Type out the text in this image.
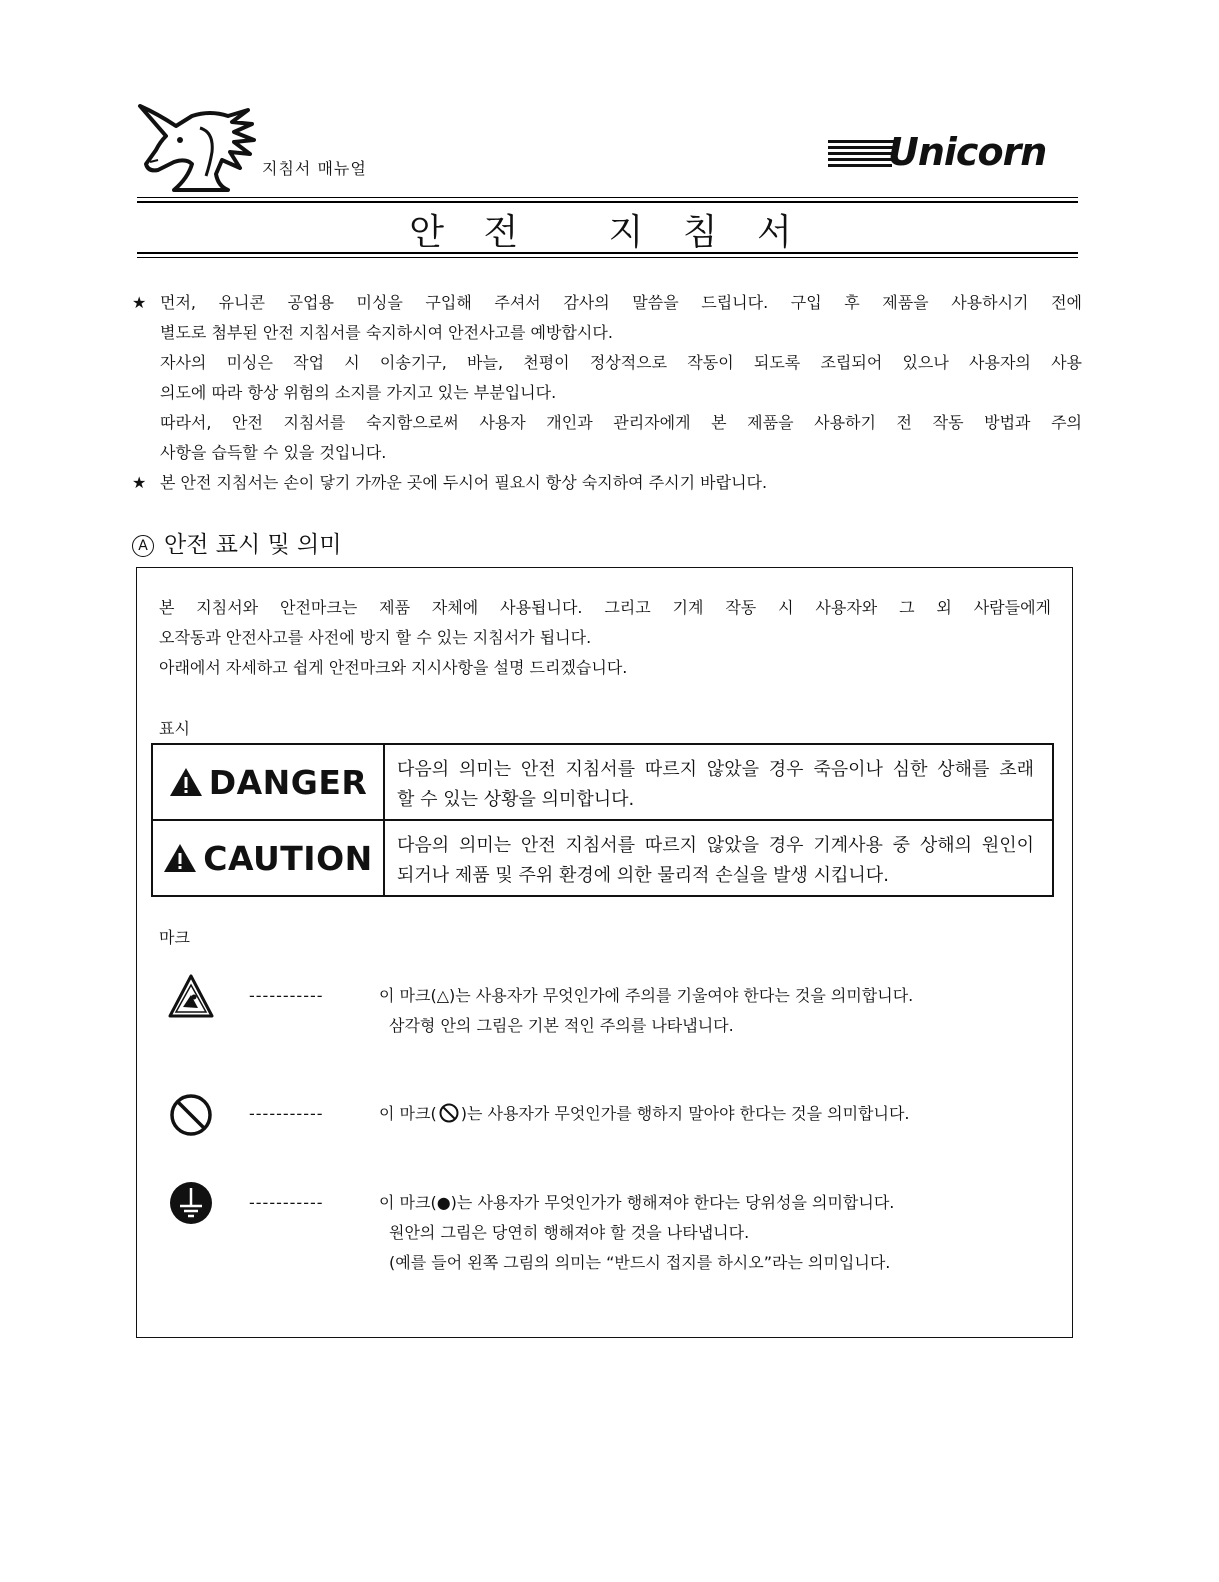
지침서 매뉴얼	Unicorn
안 전   지 침 서
★ 먼저, 유니콘 공업용 미싱을 구입해 주셔서 감사의 말씀을 드립니다. 구입 후 제품을 사용하시기 전에
별도로 첨부된 안전 지침서를 숙지하시여 안전사고를 예방합시다.
자사의 미싱은 작업 시 이송기구, 바늘, 천평이 정상적으로 작동이 되도록 조립되어 있으나 사용자의 사용
의도에 따라 항상 위험의 소지를 가지고 있는 부분입니다.
따라서, 안전 지침서를 숙지함으로써 사용자 개인과 관리자에게 본 제품을 사용하기 전 작동 방법과 주의
사항을 습득할 수 있을 것입니다.
★ 본 안전 지침서는 손이 닿기 가까운 곳에 두시어 필요시 항상 숙지하여 주시기 바랍니다.
A 안전 표시 및 의미
본 지침서와 안전마크는 제품 자체에 사용됩니다. 그리고 기계 작동 시 사용자와 그 외 사람들에게
오작동과 안전사고를 사전에 방지 할 수 있는 지침서가 됩니다.
아래에서 자세하고 쉽게 안전마크와 지시사항을 설명 드리겠습니다.
표시
DANGER	다음의 의미는 안전 지침서를 따르지 않았을 경우 죽음이나 심한 상해를 초래
할 수 있는 상황을 의미합니다.

CAUTION	다음의 의미는 안전 지침서를 따르지 않았을 경우 기계사용 중 상해의 원인이
되거나 제품 및 주위 환경에 의한 물리적 손실을 발생 시킵니다.
마크
-----------	이 마크(△)는 사용자가 무엇인가에 주의를 기울여야 한다는 것을 의미합니다.
삼각형 안의 그림은 기본 적인 주의를 나타냅니다.
-----------	이 마크( )는 사용자가 무엇인가를 행하지 말아야 한다는 것을 의미합니다.
-----------	이 마크(●)는 사용자가 무엇인가가 행해져야 한다는 당위성을 의미합니다.
원안의 그림은 당연히 행해져야 할 것을 나타냅니다.
(예를 들어 왼쪽 그림의 의미는 “반드시 접지를 하시오”라는 의미입니다.
